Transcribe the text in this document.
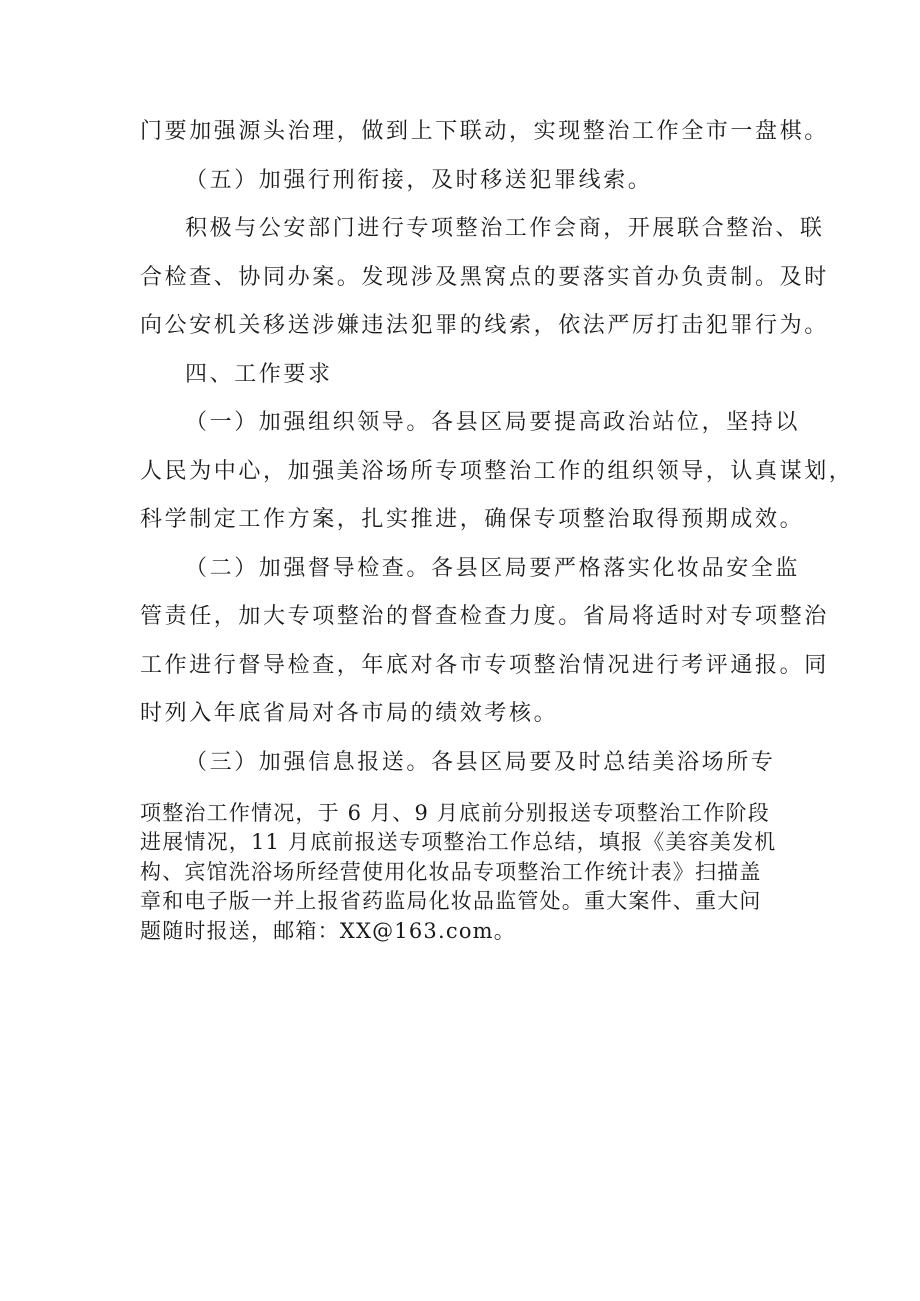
门要加强源头治理，做到上下联动，实现整治工作全市一盘棋。

（五）加强行刑衔接，及时移送犯罪线索。

积极与公安部门进行专项整治工作会商，开展联合整治、联

合检查、协同办案。发现涉及黑窝点的要落实首办负责制。及时

向公安机关移送涉嫌违法犯罪的线索，依法严厉打击犯罪行为。

四、工作要求

（一）加强组织领导。各县区局要提高政治站位，坚持以

人民为中心，加强美浴场所专项整治工作的组织领导，认真谋划，

科学制定工作方案，扎实推进，确保专项整治取得预期成效。

（二）加强督导检查。各县区局要严格落实化妆品安全监

管责任，加大专项整治的督查检查力度。省局将适时对专项整治

工作进行督导检查，年底对各市专项整治情况进行考评通报。同

时列入年底省局对各市局的绩效考核。

（三）加强信息报送。各县区局要及时总结美浴场所专

项整治工作情况，于 6 月、9 月底前分别报送专项整治工作阶段

进展情况，11 月底前报送专项整治工作总结，填报《美容美发机

构、宾馆洗浴场所经营使用化妆品专项整治工作统计表》扫描盖

章和电子版一并上报省药监局化妆品监管处。重大案件、重大问

题随时报送，邮箱：XX@163.com。
